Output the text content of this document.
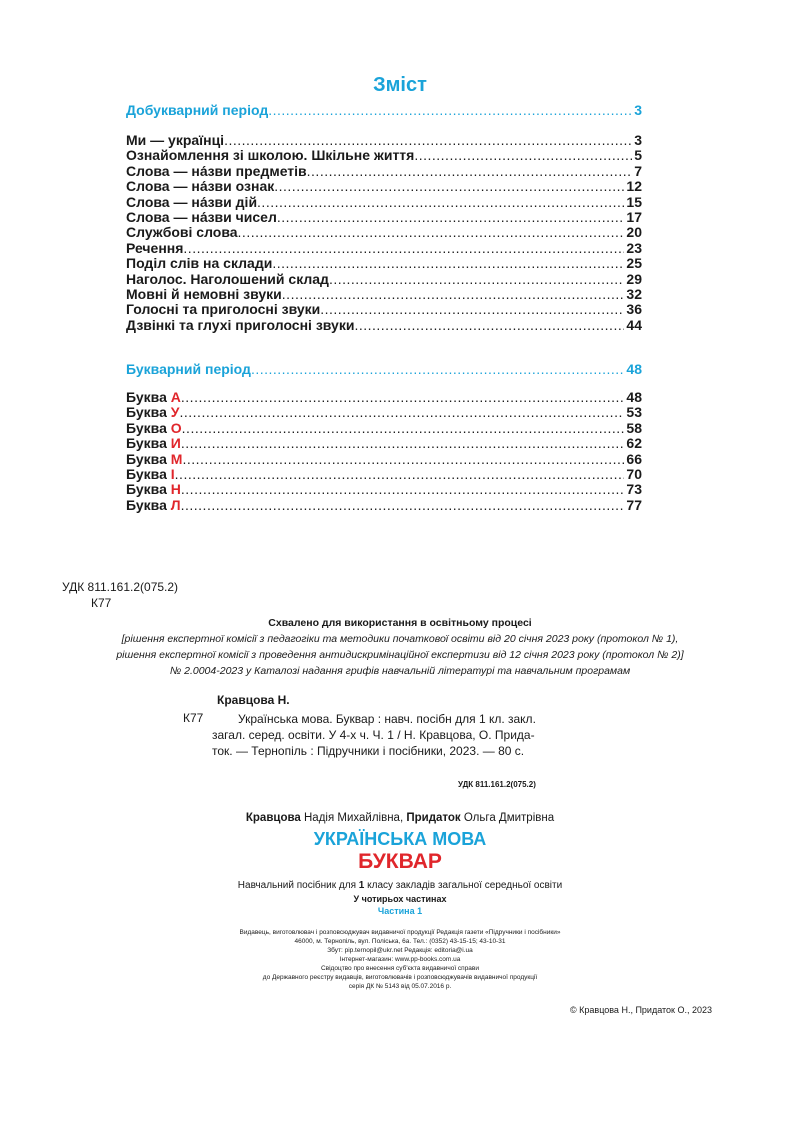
Зміст
Добукварний період .....	3
Ми — українці .....	3
Ознайомлення зі школою. Шкільне життя .....	5
Слова — на́зви предметів .....	7
Слова — на́зви ознак .....	12
Слова — на́зви дій .....	15
Слова — на́зви чисел .....	17
Службові слова .....	20
Речення .....	23
Поділ слів на склади .....	25
Наголос. Наголошений склад .....	29
Мовні й немовні звуки .....	32
Голосні та приголосні звуки .....	36
Дзвінкі та глухі приголосні звуки .....	44
Букварний період .....	48
Буква А .....	48
Буква У .....	53
Буква О .....	58
Буква И .....	62
Буква М .....	66
Буква І .....	70
Буква Н .....	73
Буква Л .....	77
УДК 811.161.2(075.2)
К77
Схвалено для використання в освітньому процесі
[рішення експертної комісії з педагогіки та методики початкової освіти від 20 січня 2023 року (протокол № 1),
рішення експертної комісії з проведення антидискримінаційної експертизи від 12 січня 2023 року (протокол № 2)]
№ 2.0004-2023 у Каталозі надання грифів навчальній літературі та навчальним програмам
Кравцова Н.
К77	Українська мова. Буквар : навч. посібн для 1 кл. закл.
загал. серед. освіти. У 4-х ч. Ч. 1 / Н. Кравцова, О. Прида-
ток. — Тернопіль : Підручники і посібники, 2023. — 80 с.
УДК 811.161.2(075.2)
Кравцова Надія Михайлівна, Придаток Ольга Дмитрівна
УКРАЇНСЬКА МОВА
БУКВАР
Навчальний посібник для 1 класу закладів загальної середньої освіти
У чотирьох частинах
Частина 1
Видавець, виготовлювач і розповсюджувач видавничої продукції Редакція газети «Підручники і посібники»
46000, м. Тернопіль, вул. Поліська, 6а. Тел.: (0352) 43-15-15; 43-10-31
Збут: pip.ternopil@ukr.net Редакція: editoria@i.ua
Інтернет-магазин: www.pp-books.com.ua
Свідоцтво про внесення суб'єкта видавничої справи
до Державного реєстру видавців, виготовлювачів і розповсюджувачів видавничої продукції
серія ДК № 5143 від 05.07.2016 р.
© Кравцова Н., Придаток О., 2023
